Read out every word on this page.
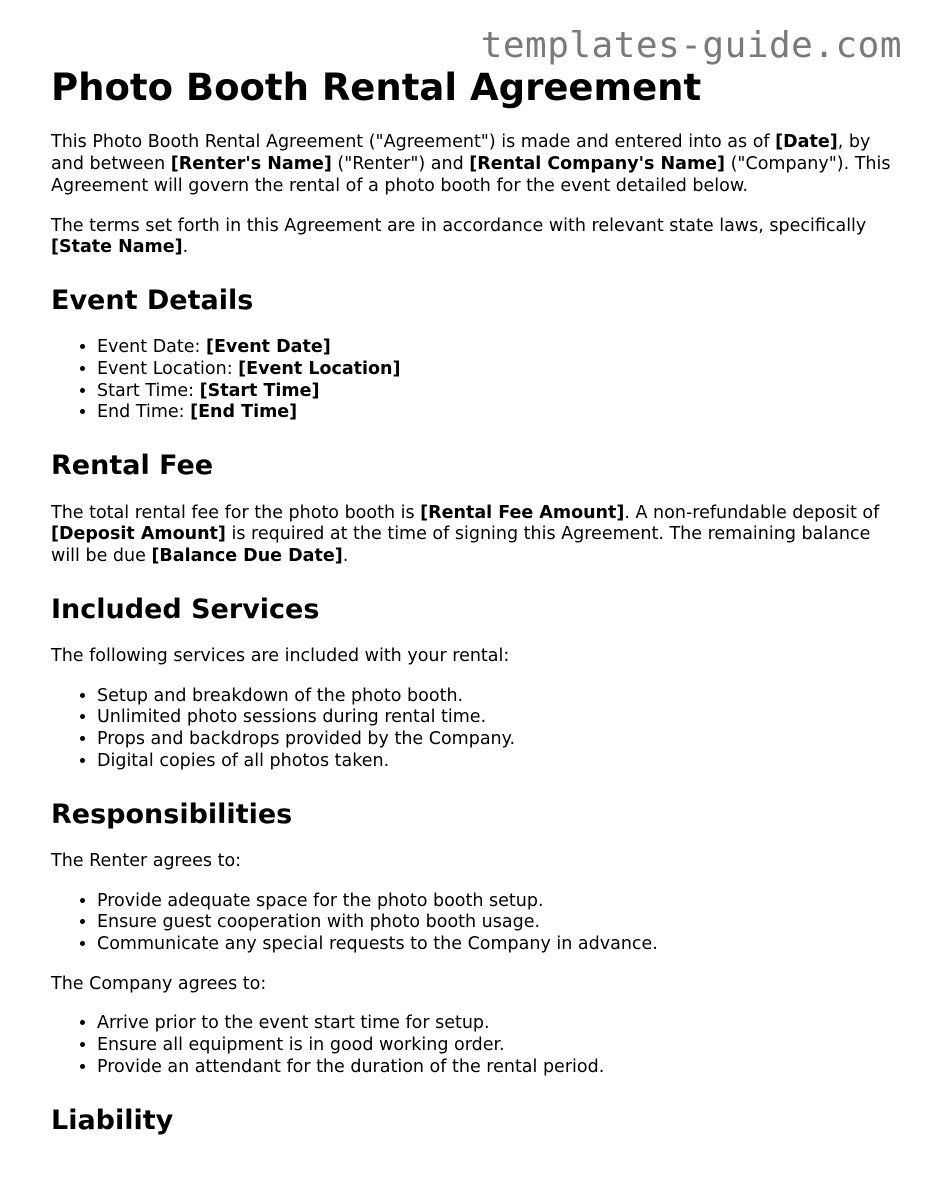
templates-guide.com
Photo Booth Rental Agreement

This Photo Booth Rental Agreement ("Agreement") is made and entered into as of [Date], by and between [Renter's Name] ("Renter") and [Rental Company's Name] ("Company"). This Agreement will govern the rental of a photo booth for the event detailed below.

The terms set forth in this Agreement are in accordance with relevant state laws, specifically [State Name].

Event Details
• Event Date: [Event Date]
• Event Location: [Event Location]
• Start Time: [Start Time]
• End Time: [End Time]
Rental Fee

The total rental fee for the photo booth is [Rental Fee Amount]. A non-refundable deposit of [Deposit Amount] is required at the time of signing this Agreement. The remaining balance will be due [Balance Due Date].

Included Services

The following services are included with your rental:

• Setup and breakdown of the photo booth.
• Unlimited photo sessions during rental time.
• Props and backdrops provided by the Company.
• Digital copies of all photos taken.
Responsibilities

The Renter agrees to:

• Provide adequate space for the photo booth setup.
• Ensure guest cooperation with photo booth usage.
• Communicate any special requests to the Company in advance.

The Company agrees to:

• Arrive prior to the event start time for setup.
• Ensure all equipment is in good working order.
• Provide an attendant for the duration of the rental period.
Liability
